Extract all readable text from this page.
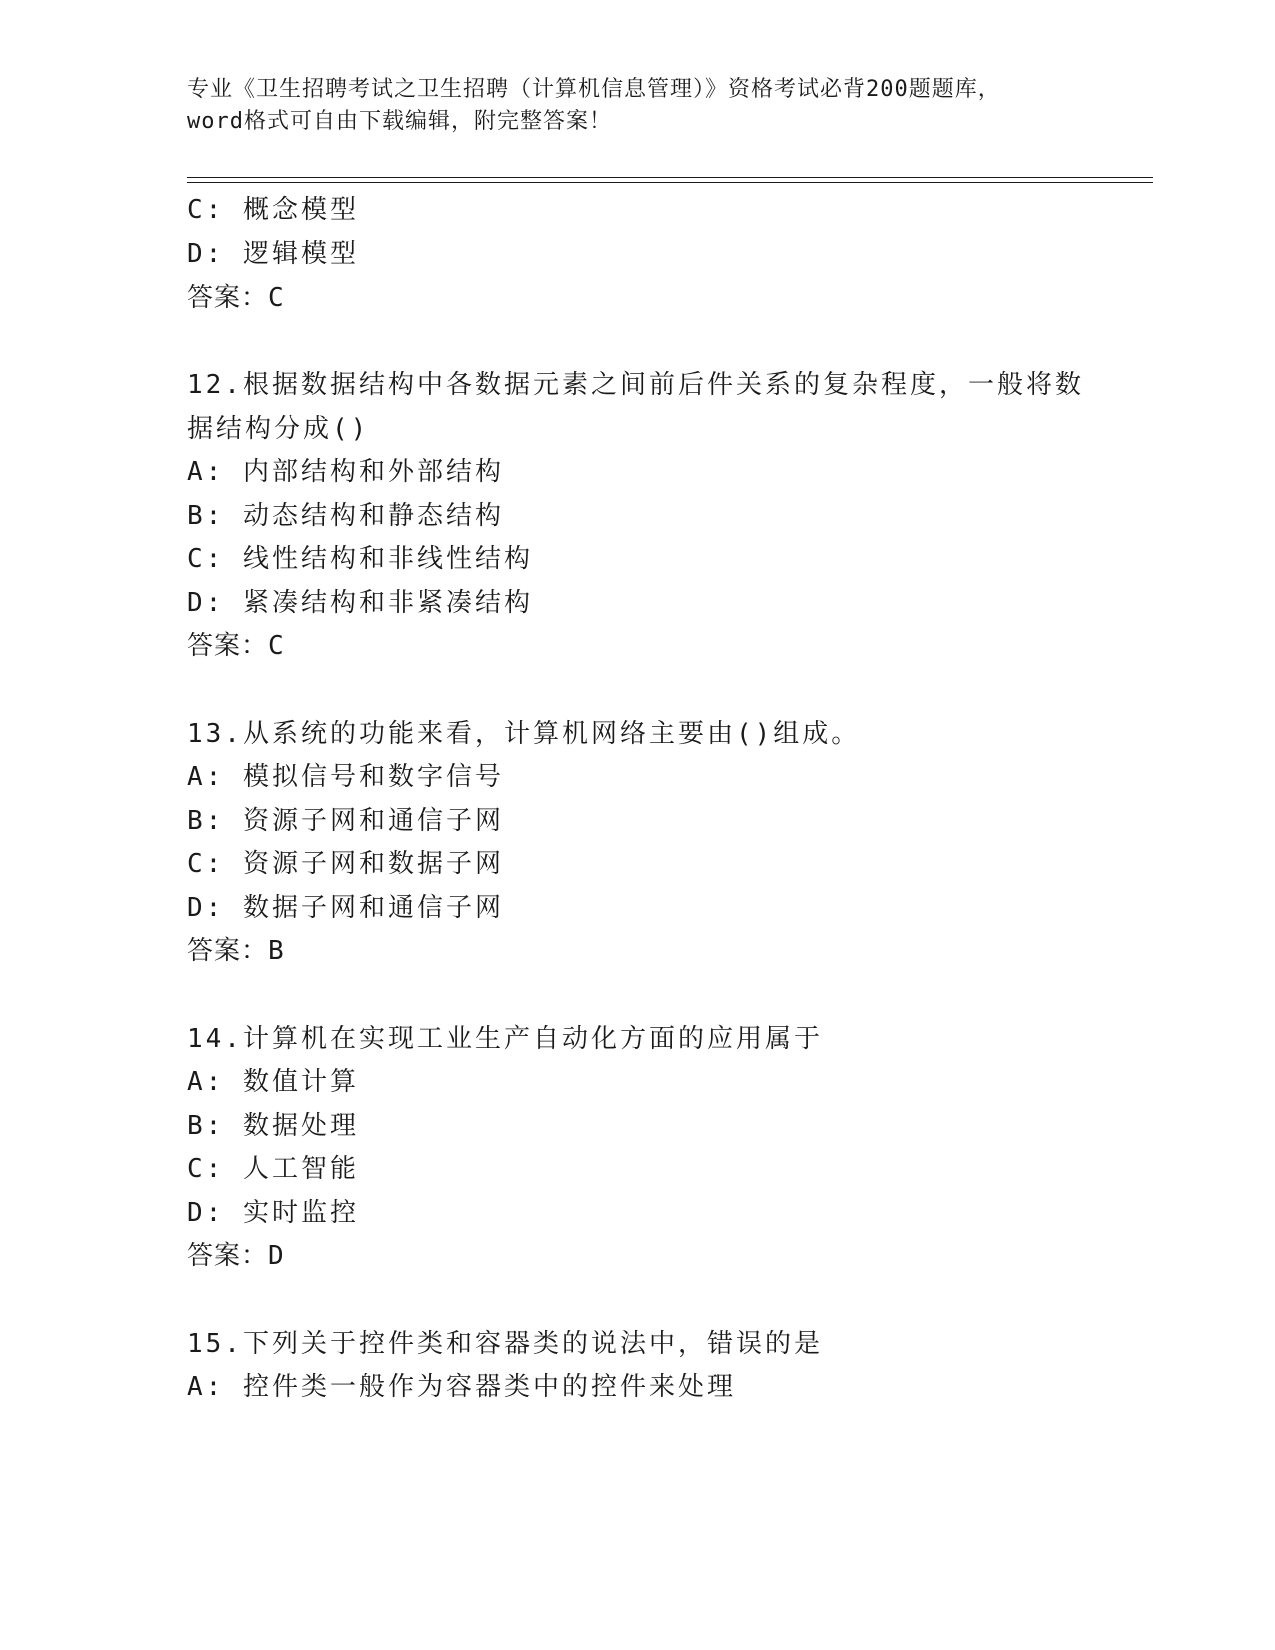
专业《卫生招聘考试之卫生招聘（计算机信息管理）》资格考试必背200题题库，
word格式可自由下载编辑，附完整答案！
C: 概念模型
D: 逻辑模型
答案：C
12.根据数据结构中各数据元素之间前后件关系的复杂程度，一般将数
据结构分成()
A: 内部结构和外部结构
B: 动态结构和静态结构
C: 线性结构和非线性结构
D: 紧凑结构和非紧凑结构
答案：C
13.从系统的功能来看，计算机网络主要由()组成。
A: 模拟信号和数字信号
B: 资源子网和通信子网
C: 资源子网和数据子网
D: 数据子网和通信子网
答案：B
14.计算机在实现工业生产自动化方面的应用属于
A: 数值计算
B: 数据处理
C: 人工智能
D: 实时监控
答案：D
15.下列关于控件类和容器类的说法中，错误的是
A: 控件类一般作为容器类中的控件来处理
